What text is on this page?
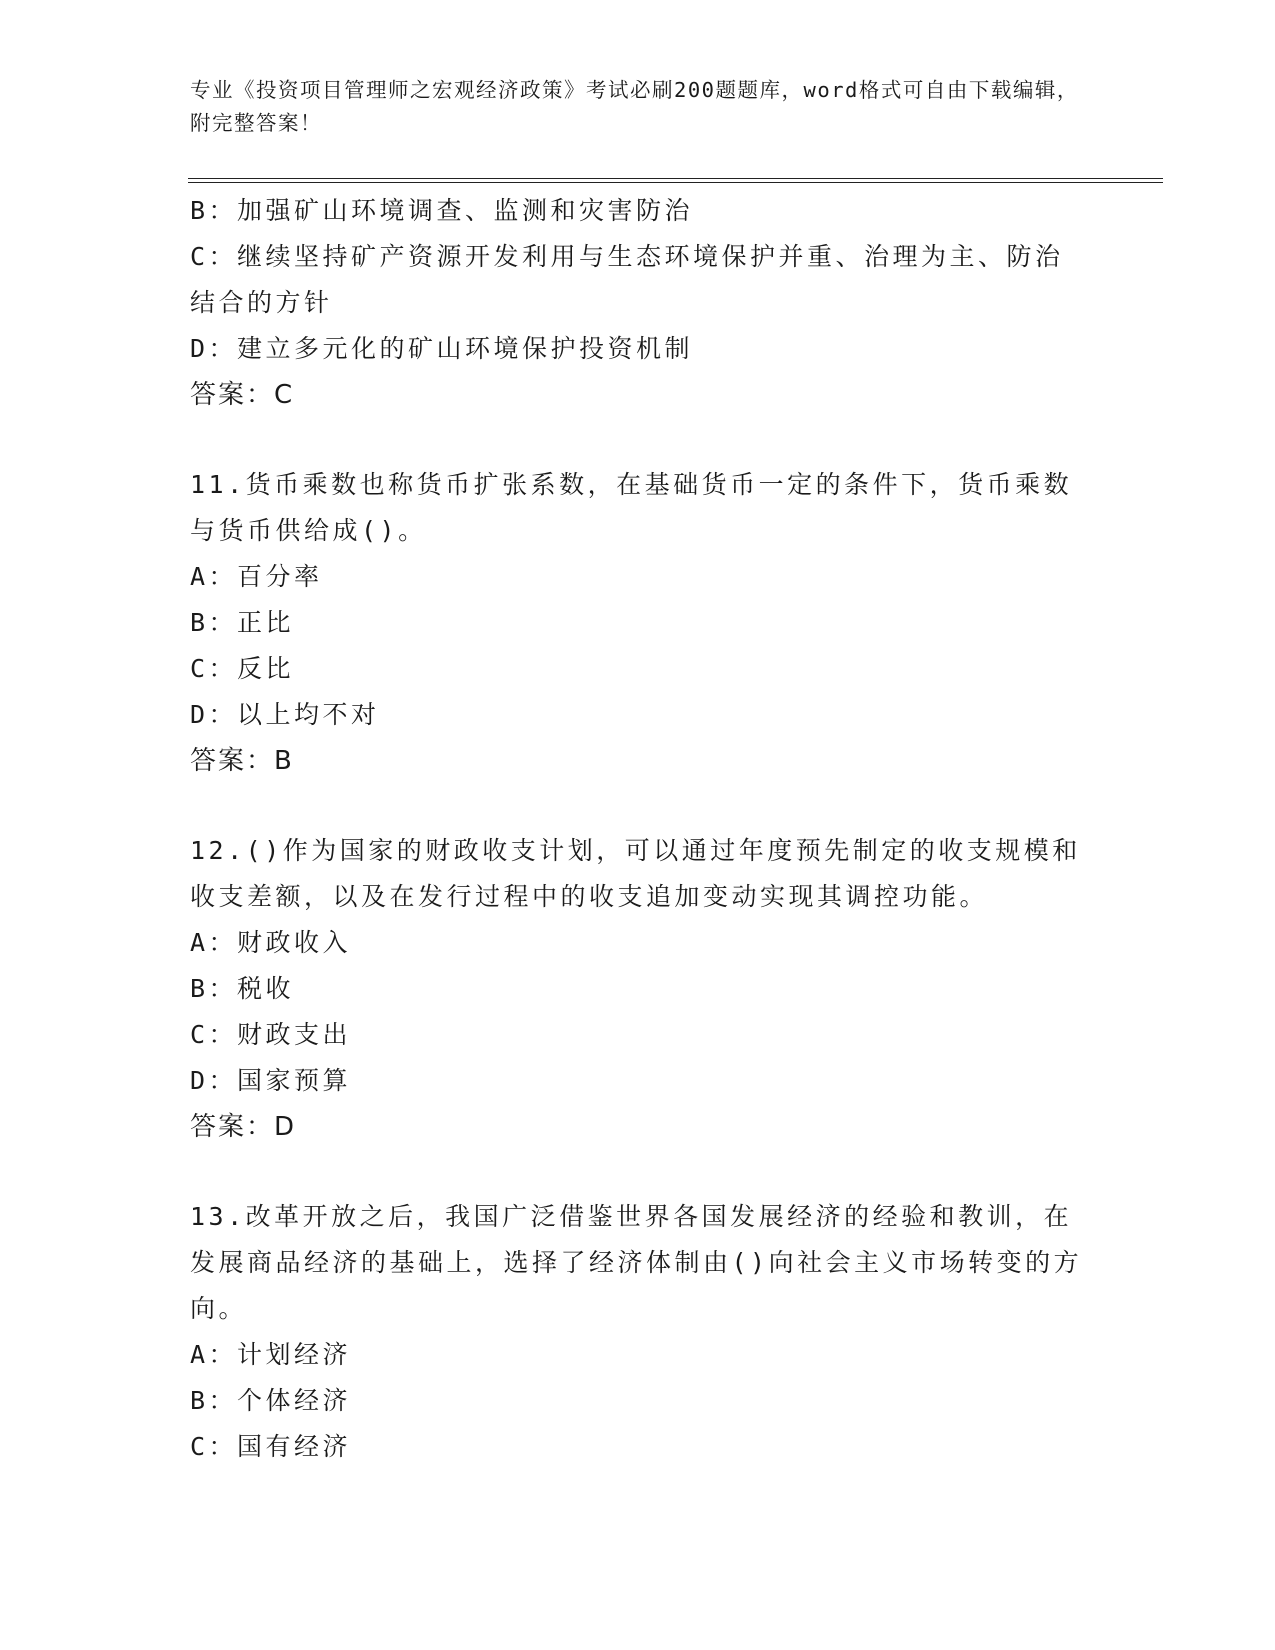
专业《投资项目管理师之宏观经济政策》考试必刷200题题库，word格式可自由下载编辑，附完整答案！
B：加强矿山环境调查、监测和灾害防治
C：继续坚持矿产资源开发利用与生态环境保护并重、治理为主、防治结合的方针
D：建立多元化的矿山环境保护投资机制
答案：C
11.货币乘数也称货币扩张系数，在基础货币一定的条件下，货币乘数与货币供给成()。
A：百分率
B：正比
C：反比
D：以上均不对
答案：B
12.()作为国家的财政收支计划，可以通过年度预先制定的收支规模和收支差额，以及在发行过程中的收支追加变动实现其调控功能。
A：财政收入
B：税收
C：财政支出
D：国家预算
答案：D
13.改革开放之后，我国广泛借鉴世界各国发展经济的经验和教训，在发展商品经济的基础上，选择了经济体制由()向社会主义市场转变的方向。
A：计划经济
B：个体经济
C：国有经济
